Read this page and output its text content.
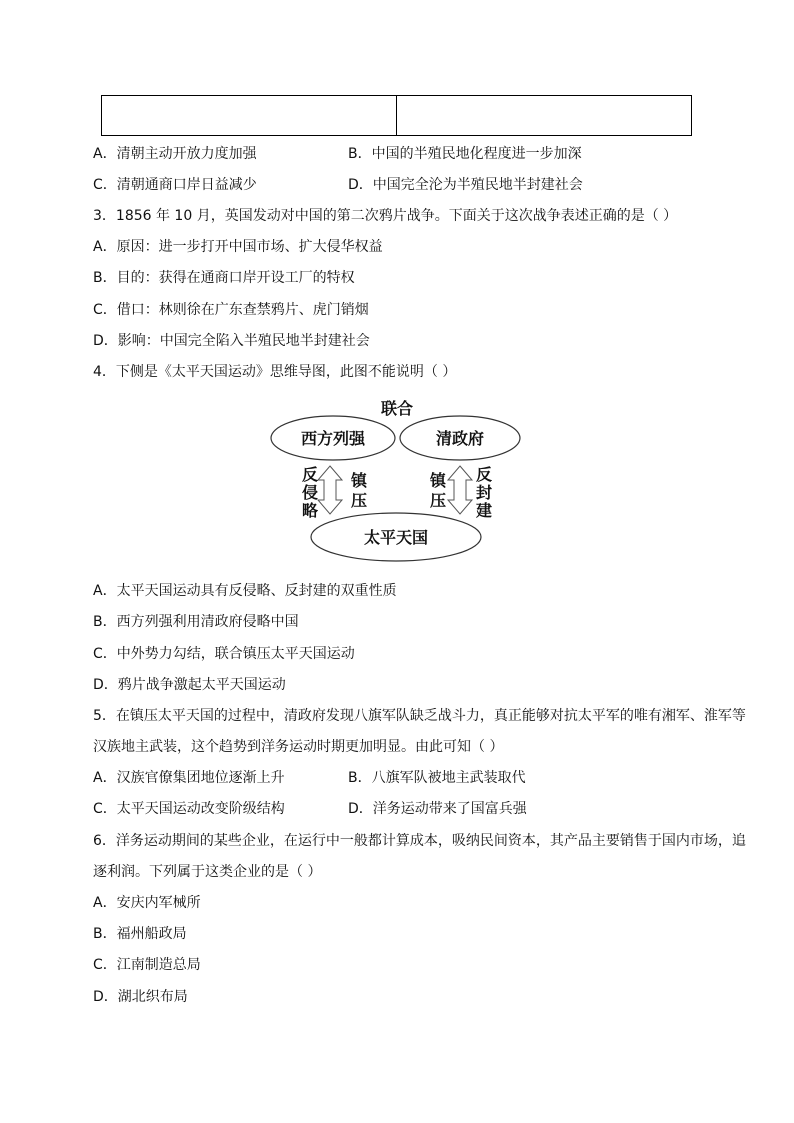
A．清朝主动开放力度加强	B．中国的半殖民地化程度进一步加深
C．清朝通商口岸日益减少	D．中国完全沦为半殖民地半封建社会
3．1856 年 10 月，英国发动对中国的第二次鸦片战争。下面关于这次战争表述正确的是（ ）
A．原因：进一步打开中国市场、扩大侵华权益
B．目的：获得在通商口岸开设工厂的特权
C．借口：林则徐在广东查禁鸦片、虎门销烟
D．影响：中国完全陷入半殖民地半封建社会
4．下侧是《太平天国运动》思维导图，此图不能说明（ ）
联合
西方列强	清政府
太平天国
反
侵
略
镇
压
镇
压
反
封
建
A．太平天国运动具有反侵略、反封建的双重性质
B．西方列强利用清政府侵略中国
C．中外势力勾结，联合镇压太平天国运动
D．鸦片战争激起太平天国运动
5．在镇压太平天国的过程中，清政府发现八旗军队缺乏战斗力，真正能够对抗太平军的唯有湘军、淮军等
汉族地主武装，这个趋势到洋务运动时期更加明显。由此可知（ ）
A．汉族官僚集团地位逐渐上升	B．八旗军队被地主武装取代
C．太平天国运动改变阶级结构	D．洋务运动带来了国富兵强
6．洋务运动期间的某些企业，在运行中一般都计算成本，吸纳民间资本，其产品主要销售于国内市场，追
逐利润。下列属于这类企业的是（ ）
A．安庆内军械所
B．福州船政局
C．江南制造总局
D．湖北织布局
